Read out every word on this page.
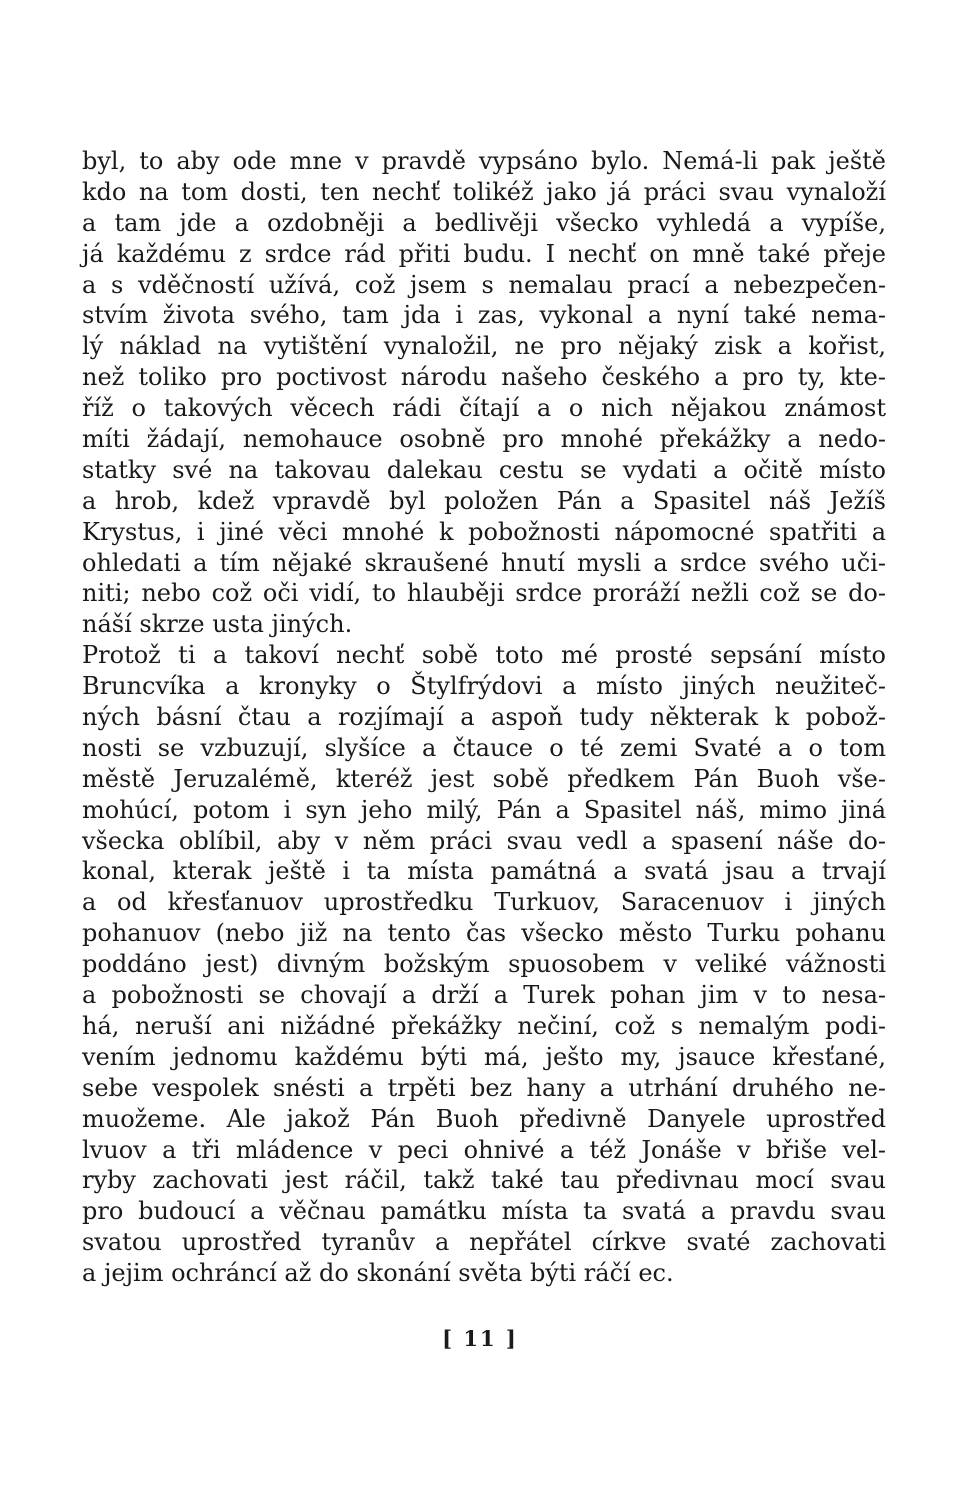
byl, to aby ode mne v pravdě vypsáno bylo. Nemá-li pak ještě
kdo na tom dosti, ten nechť tolikéž jako já práci svau vynaloží
a tam jde a ozdobněji a bedlivěji všecko vyhledá a vypíše,
já každému z srdce rád přiti budu. I nechť on mně také přeje
a s vděčností užívá, což jsem s nemalau prací a nebezpečen-
stvím života svého, tam jda i zas, vykonal a nyní také nema-
lý náklad na vytištění vynaložil, ne pro nějaký zisk a kořist,
než toliko pro poctivost národu našeho českého a pro ty, kte-
říž o takových věcech rádi čítají a o nich nějakou známost
míti žádají, nemohauce osobně pro mnohé překážky a nedo-
statky své na takovau dalekau cestu se vydati a očitě místo
a hrob, kdež vpravdě byl položen Pán a Spasitel náš Ježíš
Krystus, i jiné věci mnohé k pobožnosti nápomocné spatřiti a
ohledati a tím nějaké skraušené hnutí mysli a srdce svého uči-
niti; nebo což oči vidí, to hlauběji srdce proráží nežli což se do-
náší skrze usta jiných.
Protož ti a takoví nechť sobě toto mé prosté sepsání místo
Bruncvíka a kronyky o Štylfrýdovi a místo jiných neužiteč-
ných básní čtau a rozjímají a aspoň tudy některak k pobož-
nosti se vzbuzují, slyšíce a čtauce o té zemi Svaté a o tom
městě Jeruzalémě, kteréž jest sobě předkem Pán Buoh vše-
mohúcí, potom i syn jeho milý, Pán a Spasitel náš, mimo jiná
všecka oblíbil, aby v něm práci svau vedl a spasení náše do-
konal, kterak ještě i ta místa památná a svatá jsau a trvají
a od křesťanuov uprostředku Turkuov, Saracenuov i jiných
pohanuov (nebo již na tento čas všecko město Turku pohanu
poddáno jest) divným božským spuosobem v veliké vážnosti
a pobožnosti se chovají a drží a Turek pohan jim v to nesa-
há, neruší ani nižádné překážky nečiní, což s nemalým podi-
vením jednomu každému býti má, ješto my, jsauce křesťané,
sebe vespolek snésti a trpěti bez hany a utrhání druhého ne-
muožeme. Ale jakož Pán Buoh předivně Danyele uprostřed
lvuov a tři mládence v peci ohnivé a též Jonáše v břiše vel-
ryby zachovati jest ráčil, takž také tau předivnau mocí svau
pro budoucí a věčnau památku místa ta svatá a pravdu svau
svatou uprostřed tyranův a nepřátel církve svaté zachovati
a jejim ochráncí až do skonání světa býti ráčí ec.
[ 11 ]
